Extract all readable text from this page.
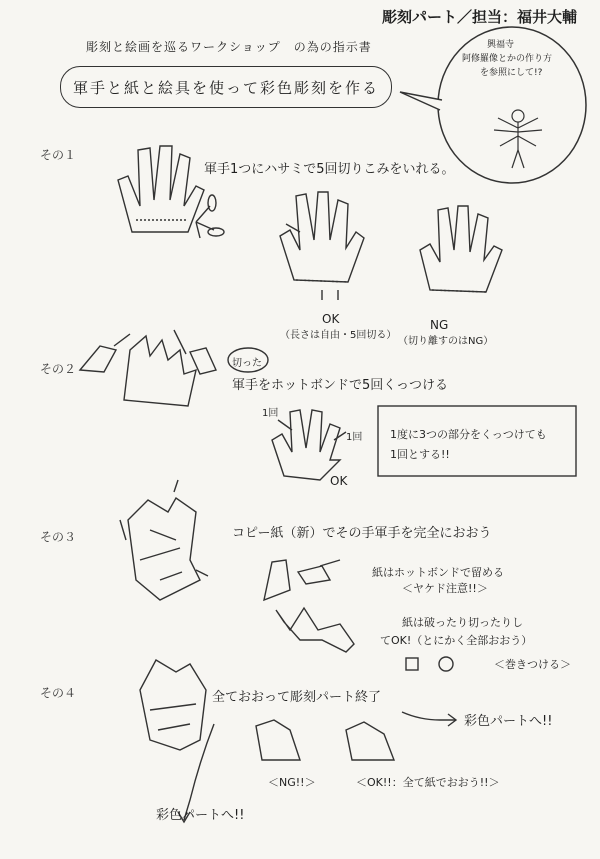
彫刻パート／担当：福井大輔
彫刻と絵画を巡るワークショップ　の為の指示書
軍手と紙と絵具を使って彩色彫刻を作る
興福寺
阿修羅像とかの作り方
を参照にして!?
その１
軍手1つにハサミで5回切りこみをいれる。
OK
（長さは自由・5回切る）
NG
（切り離すのはNG）
その２	切った
軍手をホットボンドで5回くっつける
1回
1回
OK
1度に3つの部分をくっつけても
1回とする!!
その３	コピー紙（新）でその手軍手を完全におおう
紙はホットボンドで留める
＜ヤケド注意!!＞
紙は破ったり切ったりし
てOK!（とにかく全部おおう）
＜巻きつける＞
その４	全ておおって彫刻パート終了
彩色パートへ!!
＜NG!!＞	＜OK!!：全て紙でおおう!!＞
彩色パートへ!!
